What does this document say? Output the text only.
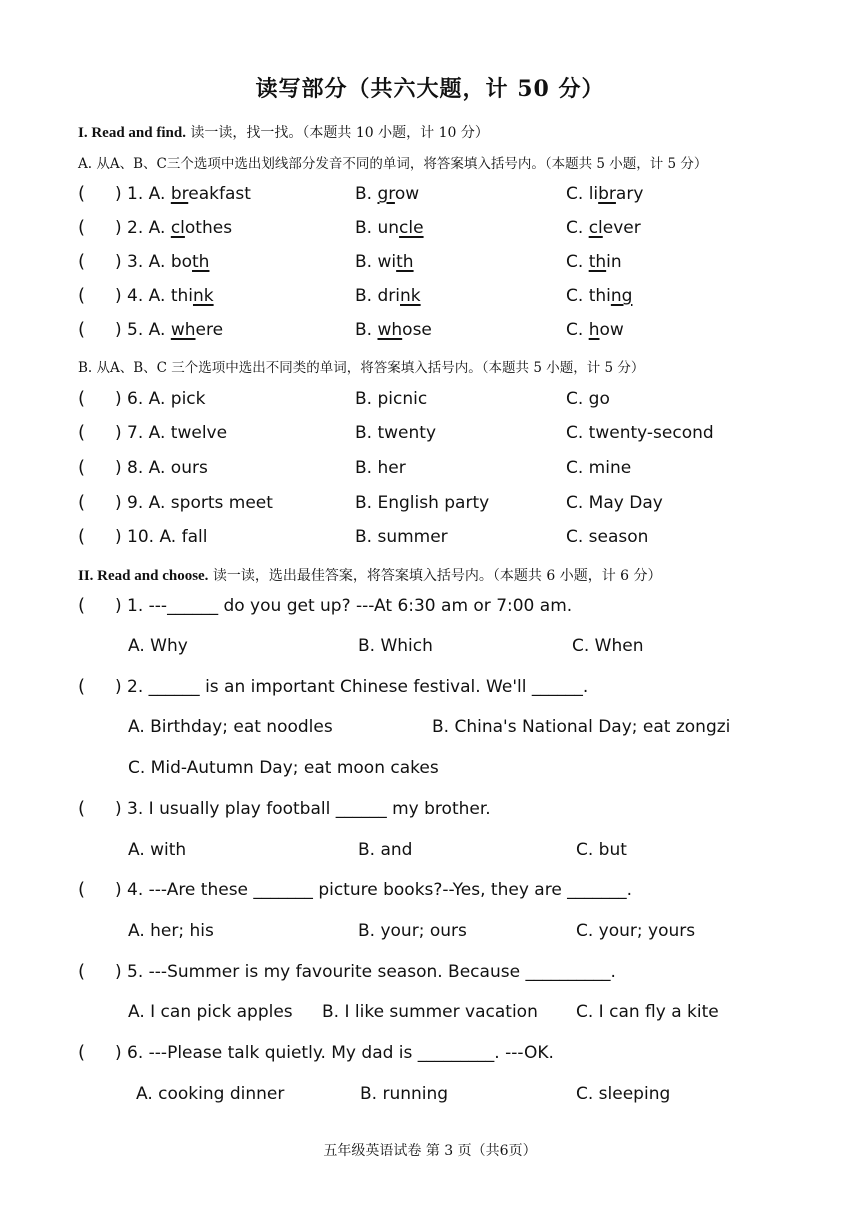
读写部分（共六大题，计 50 分）
I. Read and find. 读一读，找一找。（本题共 10 小题，计 10 分）
A. 从A、B、C三个选项中选出划线部分发音不同的单词，将答案填入括号内。（本题共 5 小题，计 5 分）
( ) 1. A. breakfast	B. grow	C. library
( ) 2. A. clothes	B. uncle	C. clever
( ) 3. A. both	B. with	C. thin
( ) 4. A. think	B. drink	C. thing
( ) 5. A. where	B. whose	C. how
B. 从A、B、C 三个选项中选出不同类的单词，将答案填入括号内。（本题共 5 小题，计 5 分）
( ) 6. A. pick	B. picnic	C. go
( ) 7. A. twelve	B. twenty	C. twenty-second
( ) 8. A. ours	B. her	C. mine
( ) 9. A. sports meet	B. English party	C. May Day
( ) 10. A. fall	B. summer	C. season
II. Read and choose. 读一读，选出最佳答案，将答案填入括号内。（本题共 6 小题，计 6 分）
( ) 1. ---______ do you get up? ---At 6:30 am or 7:00 am.
A. Why	B. Which	C. When
( ) 2. ______ is an important Chinese festival. We'll ______.
A. Birthday; eat noodles	B. China's National Day; eat zongzi
C. Mid-Autumn Day; eat moon cakes
( ) 3. I usually play football ______ my brother.
A. with	B. and	C. but
( ) 4. ---Are these _______ picture books?--Yes, they are _______.
A. her; his	B. your; ours	C. your; yours
( ) 5. ---Summer is my favourite season. Because __________.
A. I can pick apples B. I like summer vacation C. I can fly a kite
( ) 6. ---Please talk quietly. My dad is _________. ---OK.
A. cooking dinner	B. running	C. sleeping
五年级英语试卷 第 3 页（共6页）
